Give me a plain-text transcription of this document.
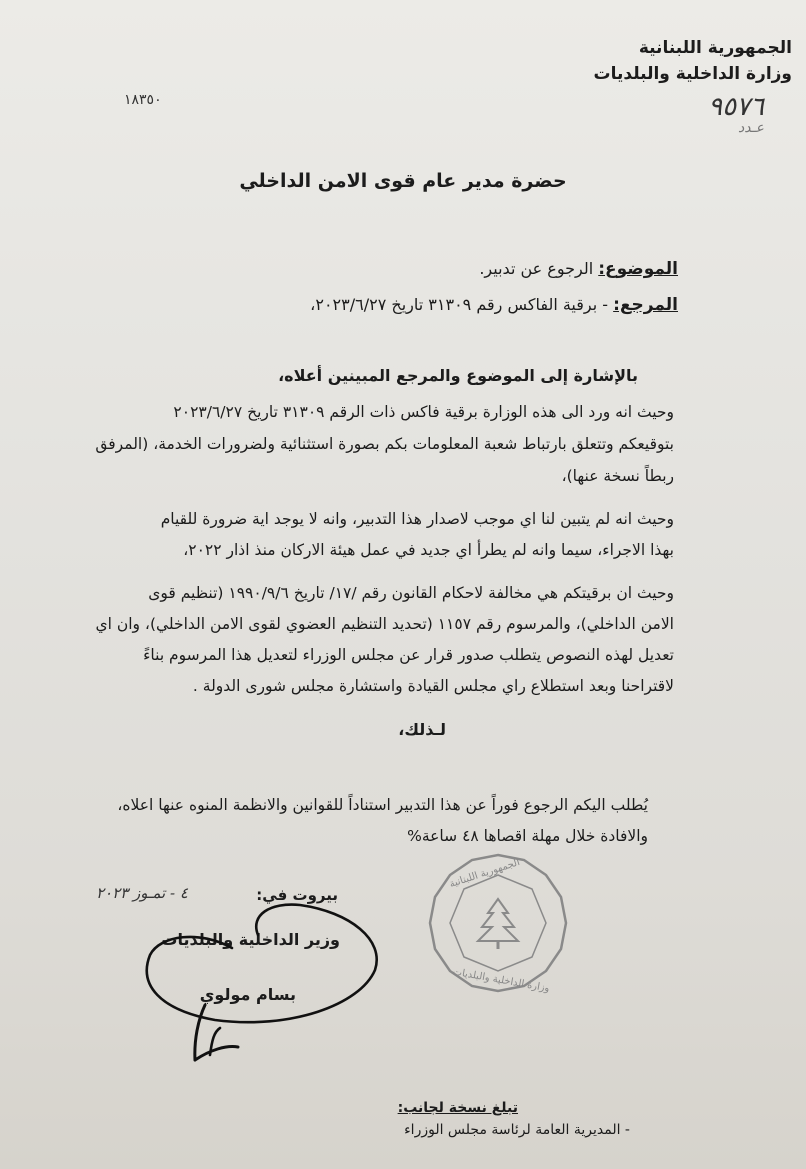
الجمهورية اللبنانية
وزارة الداخلية والبلديات
١٨٣٥٠	٩٥٧٦
عـدد
حضرة مدير عام قوى الامن الداخلي
الموضوع: الرجوع عن تدبير.
المرجع: - برقية الفاكس رقم ٣١٣٠٩ تاريخ ٢٠٢٣/٦/٢٧،
بالإشارة إلى الموضوع والمرجع المبينين أعلاه،
وحيث انه ورد الى هذه الوزارة برقية فاكس ذات الرقم ٣١٣٠٩ تاريخ ٢٠٢٣/٦/٢٧
بتوقيعكم وتتعلق بارتباط شعبة المعلومات بكم بصورة استثنائية ولضرورات الخدمة، (المرفق
ربطاً نسخة عنها)،
وحيث انه لم يتبين لنا اي موجب لاصدار هذا التدبير، وانه لا يوجد اية ضرورة للقيام
بهذا الاجراء، سيما وانه لم يطرأ اي جديد في عمل هيئة الاركان منذ اذار ٢٠٢٢،
وحيث ان برقيتكم هي مخالفة لاحكام القانون رقم /١٧/ تاريخ ١٩٩٠/٩/٦ (تنظيم قوى
الامن الداخلي)، والمرسوم رقم ١١٥٧ (تحديد التنظيم العضوي لقوى الامن الداخلي)، وان اي
تعديل لهذه النصوص يتطلب صدور قرار عن مجلس الوزراء لتعديل هذا المرسوم بناءً
لاقتراحنا وبعد استطلاع راي مجلس القيادة واستشارة مجلس شورى الدولة .
لـذلك،
يُطلب اليكم الرجوع فوراً عن هذا التدبير استناداً للقوانين والانظمة المنوه عنها اعلاه،
والافادة خلال مهلة اقصاها ٤٨ ساعة%
الجمهورية اللبنانية
وزارة الداخلية والبلديات
بيروت في:
٤ - تمـوز ٢٠٢٣
وزير الداخلية والبلديات
بسام مولوي
تبلغ نسخة لجانب:
- المديرية العامة لرئاسة مجلس الوزراء
